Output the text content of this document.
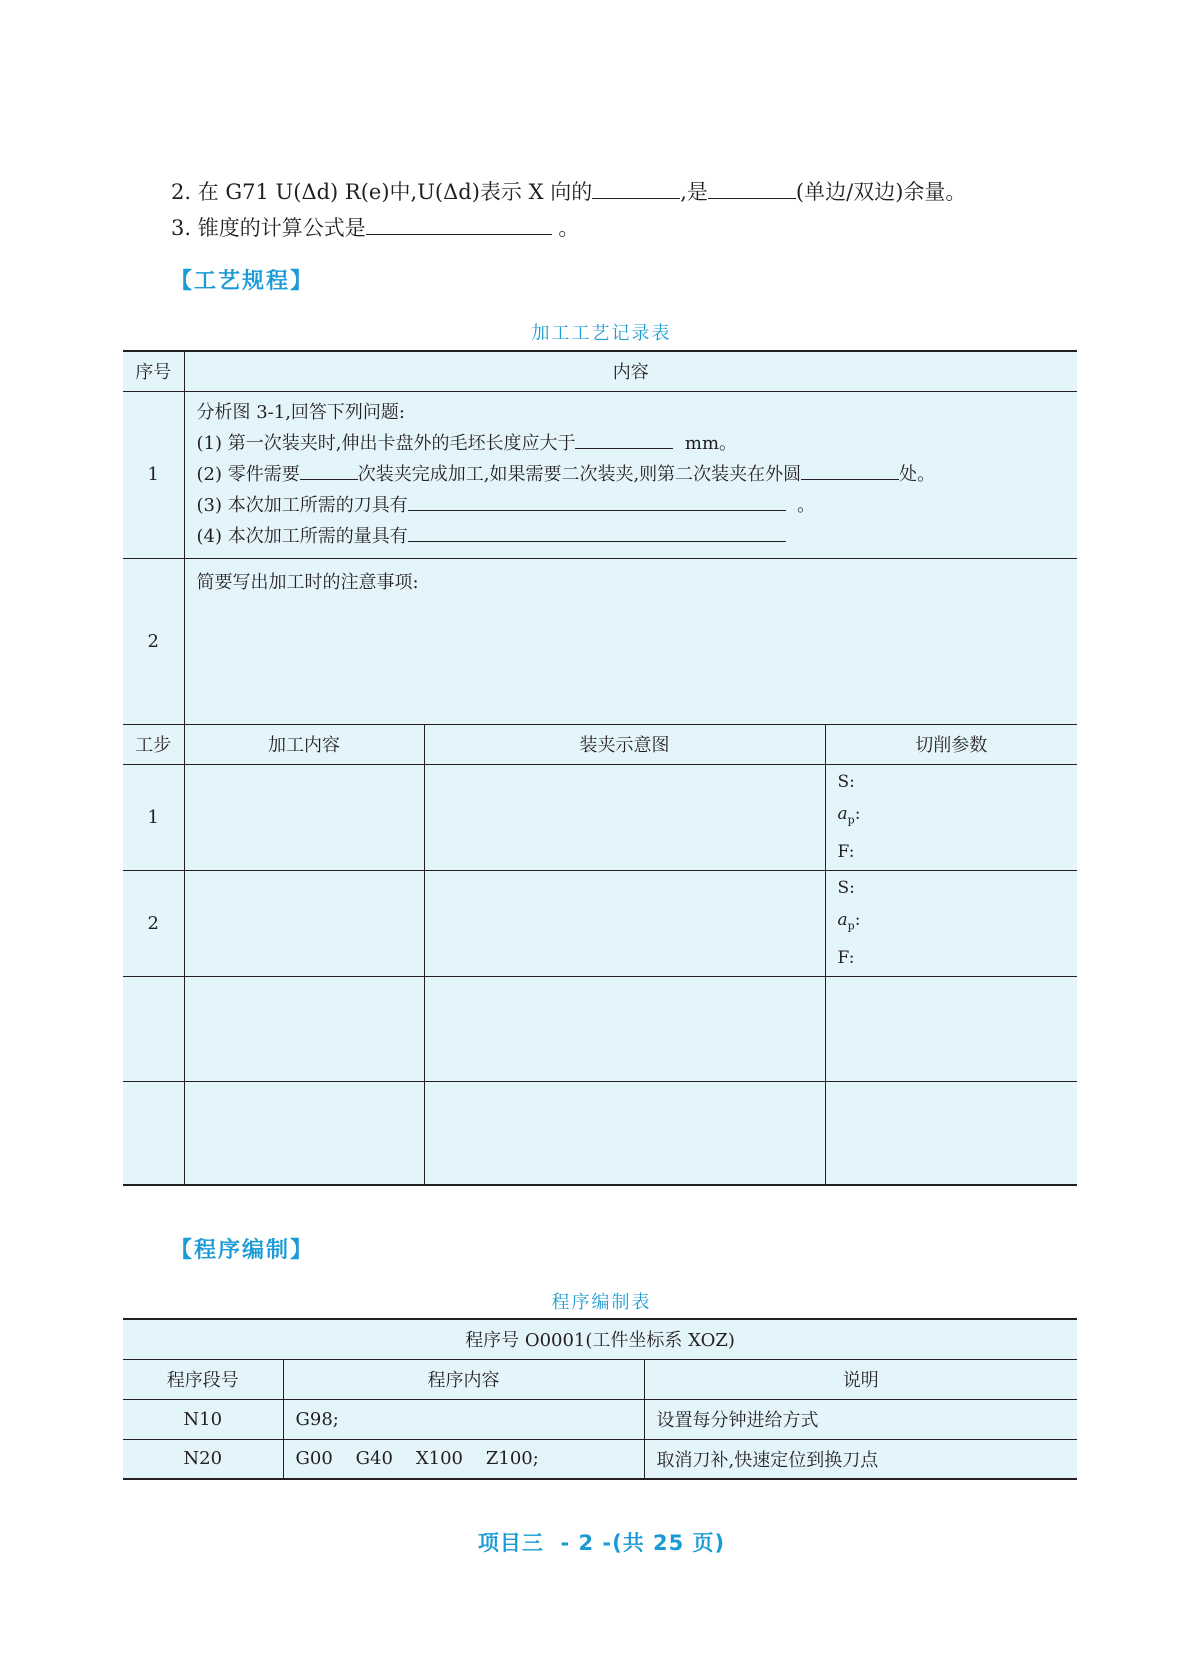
2. 在 G71 U(Δd) R(e)中,U(Δd)表示 X 向的	,是	(单边/双边)余量。
3. 锥度的计算公式是	。
【工艺规程】
加工工艺记录表
序号	内容		
1	分析图 3-1,回答下列问题:
(1) 第一次装夹时,伸出卡盘外的毛坯长度应大于 mm。
(2) 零件需要 次装夹完成加工,如果需要二次装夹,则第二次装夹在外圆 处。
(3) 本次加工所需的刀具有 。
(4) 本次加工所需的量具有		

2	简要写出加工时的注意事项:		

工步	加工内容	装夹示意图	切削参数
1			S:
$a_p$:
F:

2			S:
$a_p$:
F:

【程序编制】
程序编制表
程序号 O0001(工件坐标系 XOZ)		
程序段号	程序内容	说明
N10	G98;	设置每分钟进给方式
N20	G00    G40    X100    Z100;	取消刀补,快速定位到换刀点
项目三  - 2 -(共 25 页)
